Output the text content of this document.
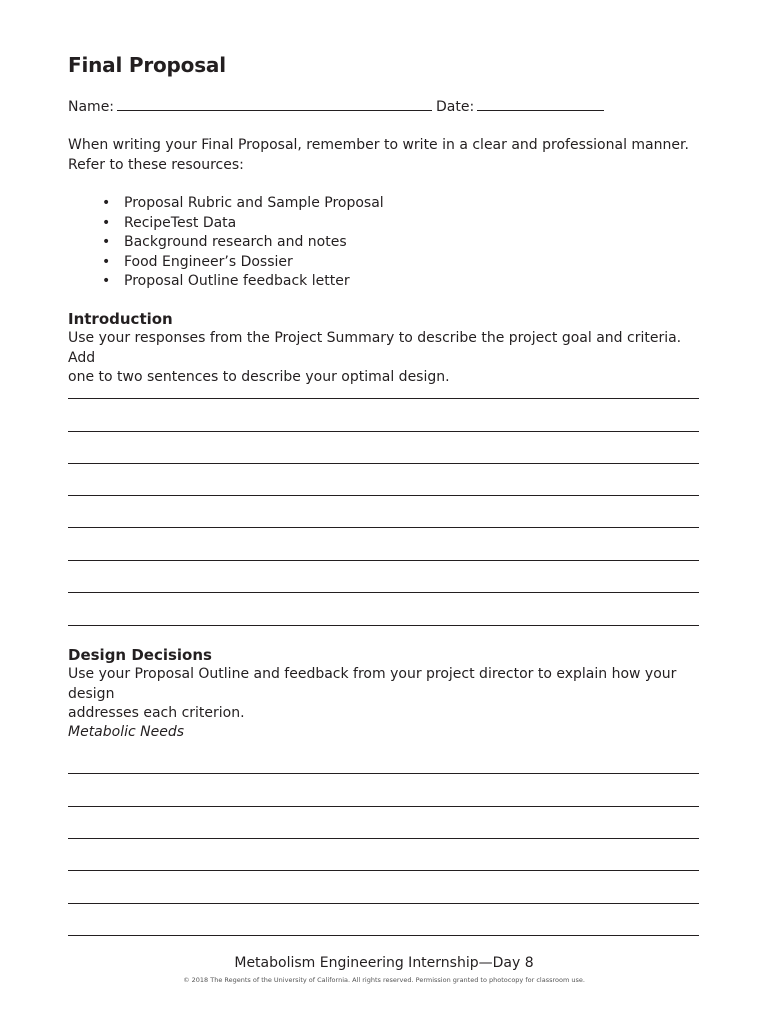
Final Proposal
Name:	Date:

When writing your Final Proposal, remember to write in a clear and professional manner.
Refer to these resources:

• Proposal Rubric and Sample Proposal
• RecipeTest Data
• Background research and notes
• Food Engineer’s Dossier
• Proposal Outline feedback letter
Introduction

Use your responses from the Project Summary to describe the project goal and criteria. Add
one to two sentences to describe your optimal design.

Design Decisions

Use your Proposal Outline and feedback from your project director to explain how your design
addresses each criterion.

Metabolic Needs
Metabolism Engineering Internship—Day 8
© 2018 The Regents of the University of California. All rights reserved. Permission granted to photocopy for classroom use.
